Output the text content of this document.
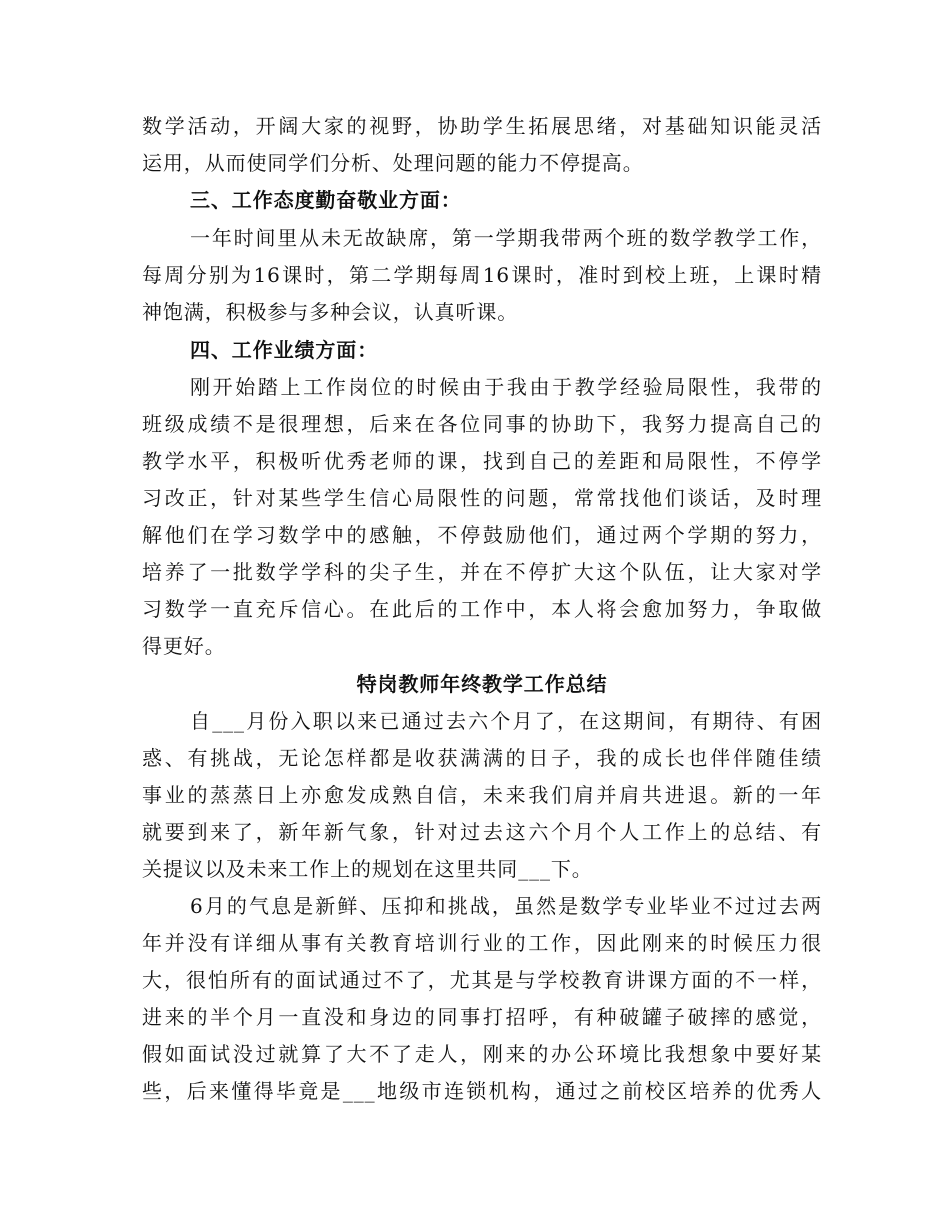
数学活动，开阔大家的视野，协助学生拓展思绪，对基础知识能灵活
运用，从而使同学们分析、处理问题的能力不停提高。
三、工作态度勤奋敬业方面：
一年时间里从未无故缺席，第一学期我带两个班的数学教学工作，
每周分别为16课时，第二学期每周16课时，准时到校上班，上课时精
神饱满，积极参与多种会议，认真听课。
四、工作业绩方面：
刚开始踏上工作岗位的时候由于我由于教学经验局限性，我带的
班级成绩不是很理想，后来在各位同事的协助下，我努力提高自己的
教学水平，积极听优秀老师的课，找到自己的差距和局限性，不停学
习改正，针对某些学生信心局限性的问题，常常找他们谈话，及时理
解他们在学习数学中的感触，不停鼓励他们，通过两个学期的努力，
培养了一批数学学科的尖子生，并在不停扩大这个队伍，让大家对学
习数学一直充斥信心。在此后的工作中，本人将会愈加努力，争取做
得更好。
特岗教师年终教学工作总结
自___月份入职以来已通过去六个月了，在这期间，有期待、有困
惑、有挑战，无论怎样都是收获满满的日子，我的成长也伴伴随佳绩
事业的蒸蒸日上亦愈发成熟自信，未来我们肩并肩共进退。新的一年
就要到来了，新年新气象，针对过去这六个月个人工作上的总结、有
关提议以及未来工作上的规划在这里共同___下。
6月的气息是新鲜、压抑和挑战，虽然是数学专业毕业不过过去两
年并没有详细从事有关教育培训行业的工作，因此刚来的时候压力很
大，很怕所有的面试通过不了，尤其是与学校教育讲课方面的不一样，
进来的半个月一直没和身边的同事打招呼，有种破罐子破摔的感觉，
假如面试没过就算了大不了走人，刚来的办公环境比我想象中要好某
些，后来懂得毕竟是___地级市连锁机构，通过之前校区培养的优秀人
